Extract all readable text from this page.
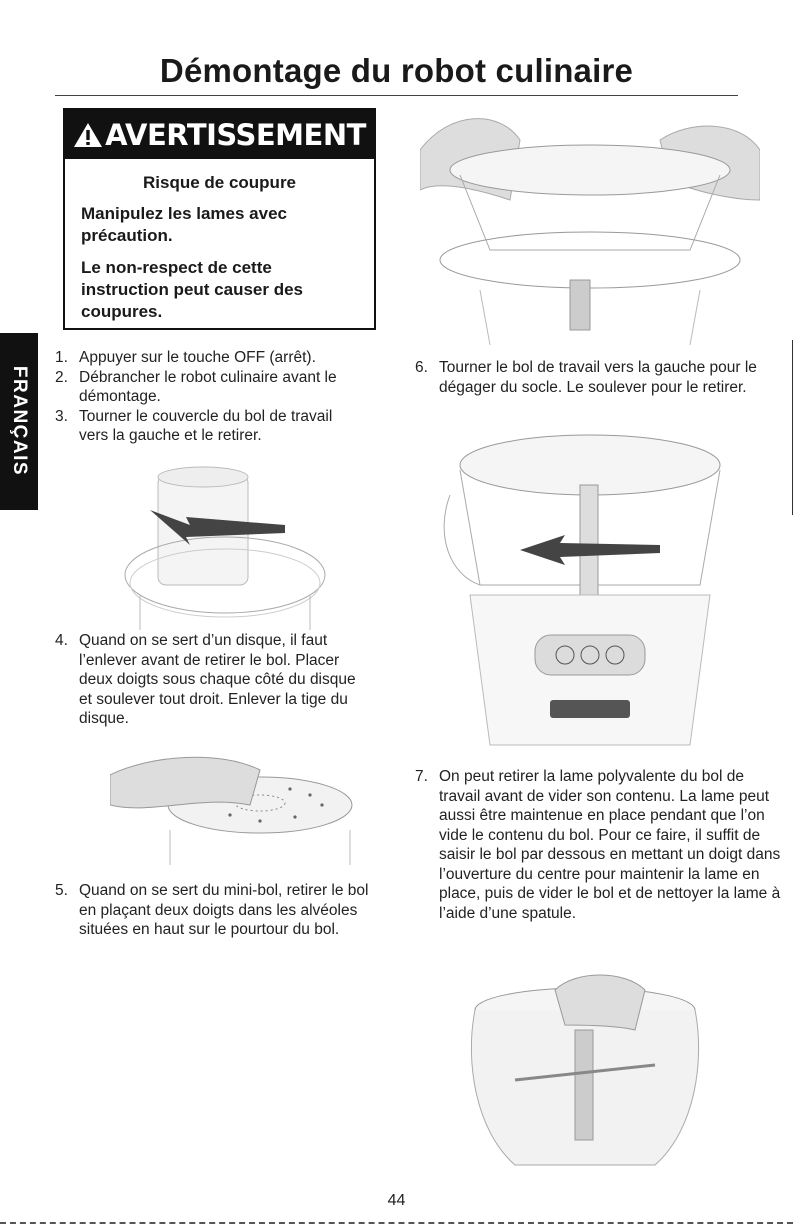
Démontage du robot culinaire
AVERTISSEMENT
Risque de coupure
Manipulez les lames avec précaution.
Le non-respect de cette instruction peut causer des coupures.
FRANÇAIS
1. Appuyer sur le touche OFF (arrêt).
2. Débrancher le robot culinaire avant le démontage.
3. Tourner le couvercle du bol de travail vers la gauche et le retirer.
4. Quand on se sert d’un disque, il faut l’enlever avant de retirer le bol. Placer deux doigts sous chaque côté du disque et soulever tout droit. Enlever la tige du disque.
5. Quand on se sert du mini-bol, retirer le bol en plaçant deux doigts dans les alvéoles situées en haut sur le pourtour du bol.
6. Tourner le bol de travail vers la gauche pour le dégager du socle. Le soulever pour le retirer.
7. On peut retirer la lame polyvalente du bol de travail avant de vider son contenu. La lame peut aussi être maintenue en place pendant que l’on vide le contenu du bol. Pour ce faire, il suffit de saisir le bol par dessous en mettant un doigt dans l’ouverture du centre pour maintenir la lame en place, puis de vider le bol et de nettoyer la lame à l’aide d’une spatule.
44
